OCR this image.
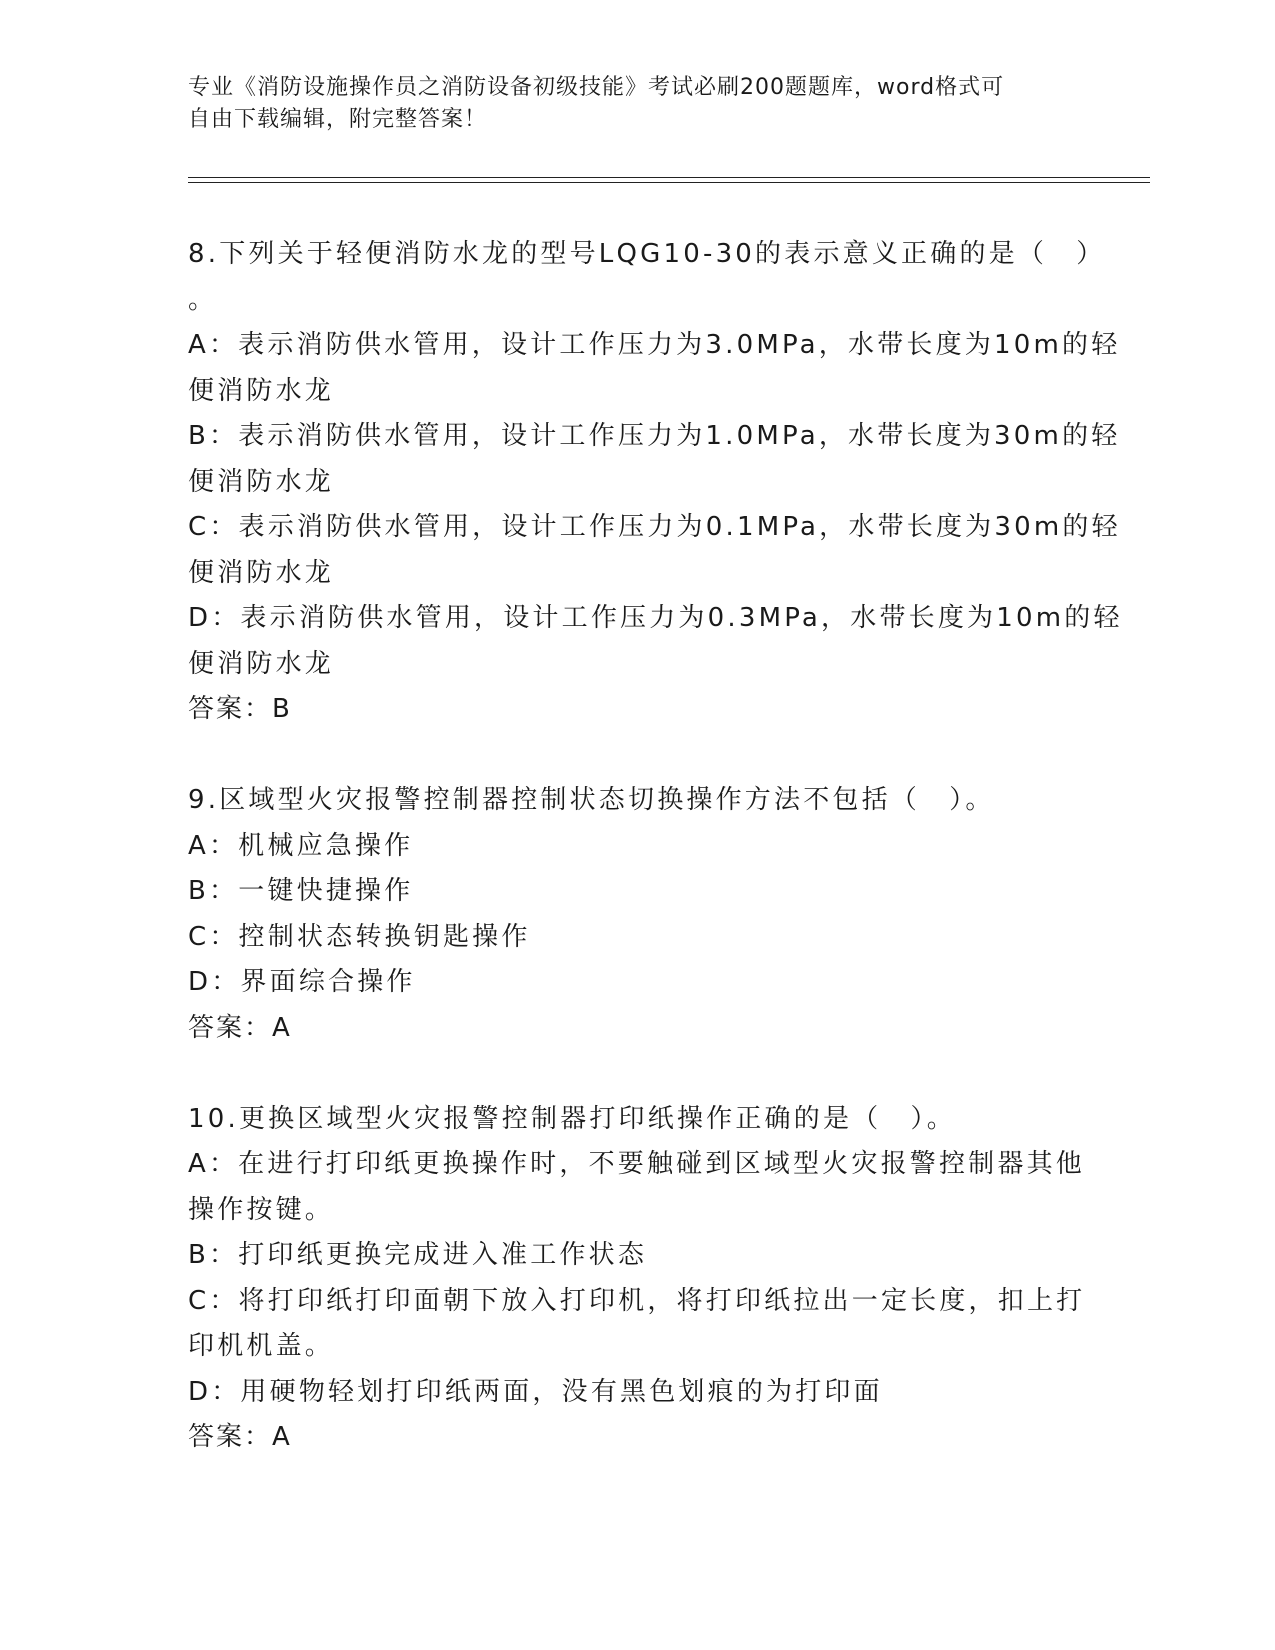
专业《消防设施操作员之消防设备初级技能》考试必刷200题题库，word格式可
自由下载编辑，附完整答案！
8.下列关于轻便消防水龙的型号LQG10-30的表示意义正确的是（　）
。
A：表示消防供水管用，设计工作压力为3.0MPa，水带长度为10m的轻
便消防水龙
B：表示消防供水管用，设计工作压力为1.0MPa，水带长度为30m的轻
便消防水龙
C：表示消防供水管用，设计工作压力为0.1MPa，水带长度为30m的轻
便消防水龙
D：表示消防供水管用，设计工作压力为0.3MPa，水带长度为10m的轻
便消防水龙
答案：B
9.区域型火灾报警控制器控制状态切换操作方法不包括（　）。
A：机械应急操作
B：一键快捷操作
C：控制状态转换钥匙操作
D：界面综合操作
答案：A
10.更换区域型火灾报警控制器打印纸操作正确的是（　）。
A：在进行打印纸更换操作时，不要触碰到区域型火灾报警控制器其他
操作按键。
B：打印纸更换完成进入准工作状态
C：将打印纸打印面朝下放入打印机，将打印纸拉出一定长度，扣上打
印机机盖。
D：用硬物轻划打印纸两面，没有黑色划痕的为打印面
答案：A
